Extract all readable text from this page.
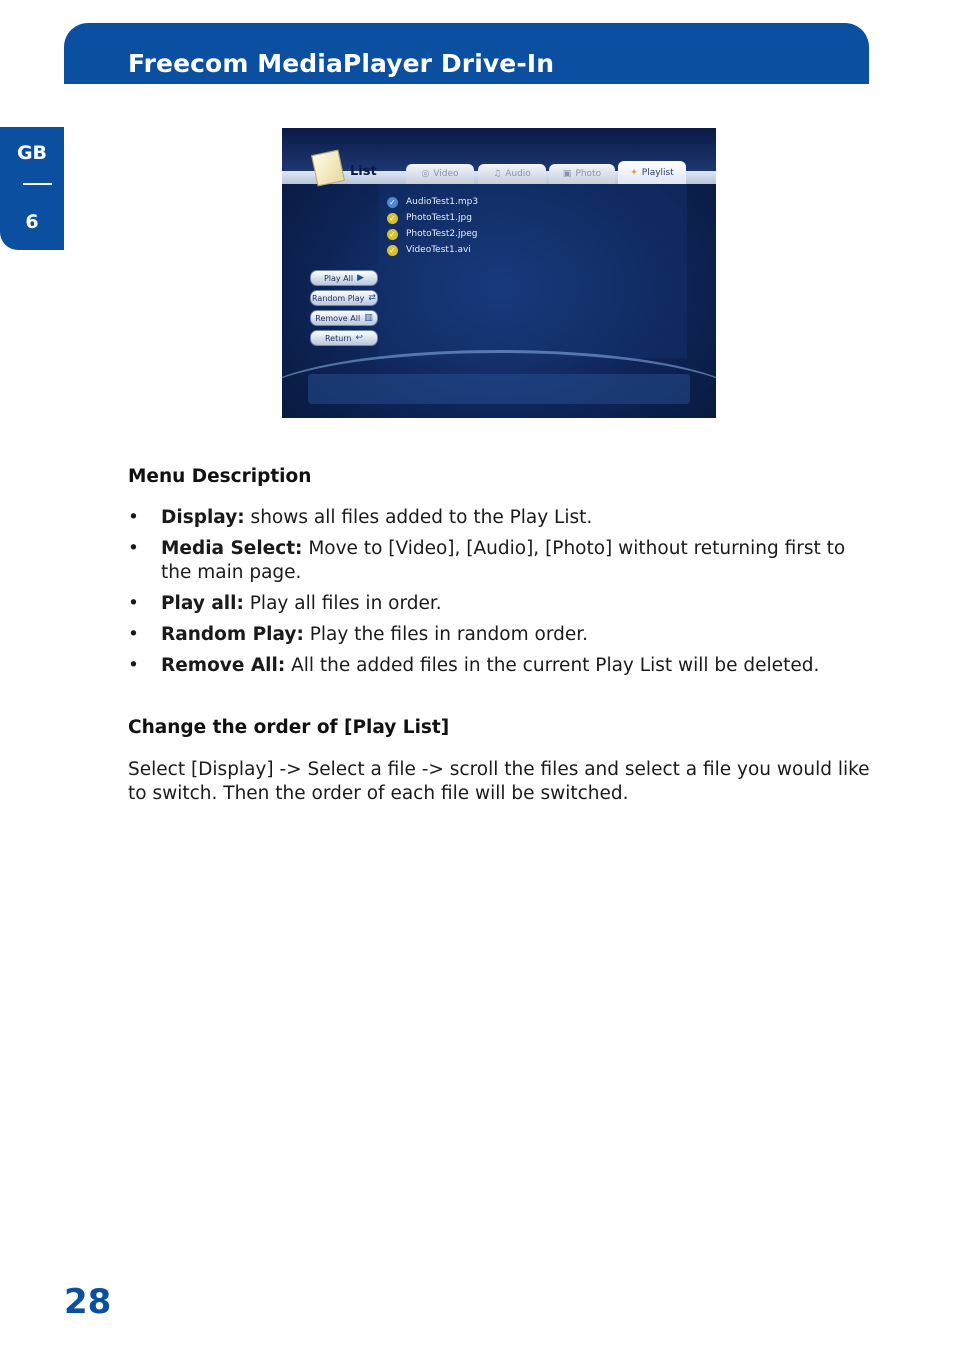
Freecom MediaPlayer Drive-In
GB
6
List	◎ Video	♫ Audio	▣ Photo	✦ Playlist
✓ AudioTest1.mp3
✓ PhotoTest1.jpg
✓ PhotoTest2.jpeg
✓ VideoTest1.avi
Play All ▶
Random Play ⇄
Remove All ▥
Return ↩
Menu Description
• Display: shows all files added to the Play List.
• Media Select: Move to [Video], [Audio], [Photo] without returning first to the main page.
• Play all: Play all files in order.
• Random Play: Play the files in random order.
• Remove All: All the added files in the current Play List will be deleted.
Change the order of [Play List]

Select [Display] -> Select a file -> scroll the files and select a file you would like to switch. Then the order of each file will be switched.

28
